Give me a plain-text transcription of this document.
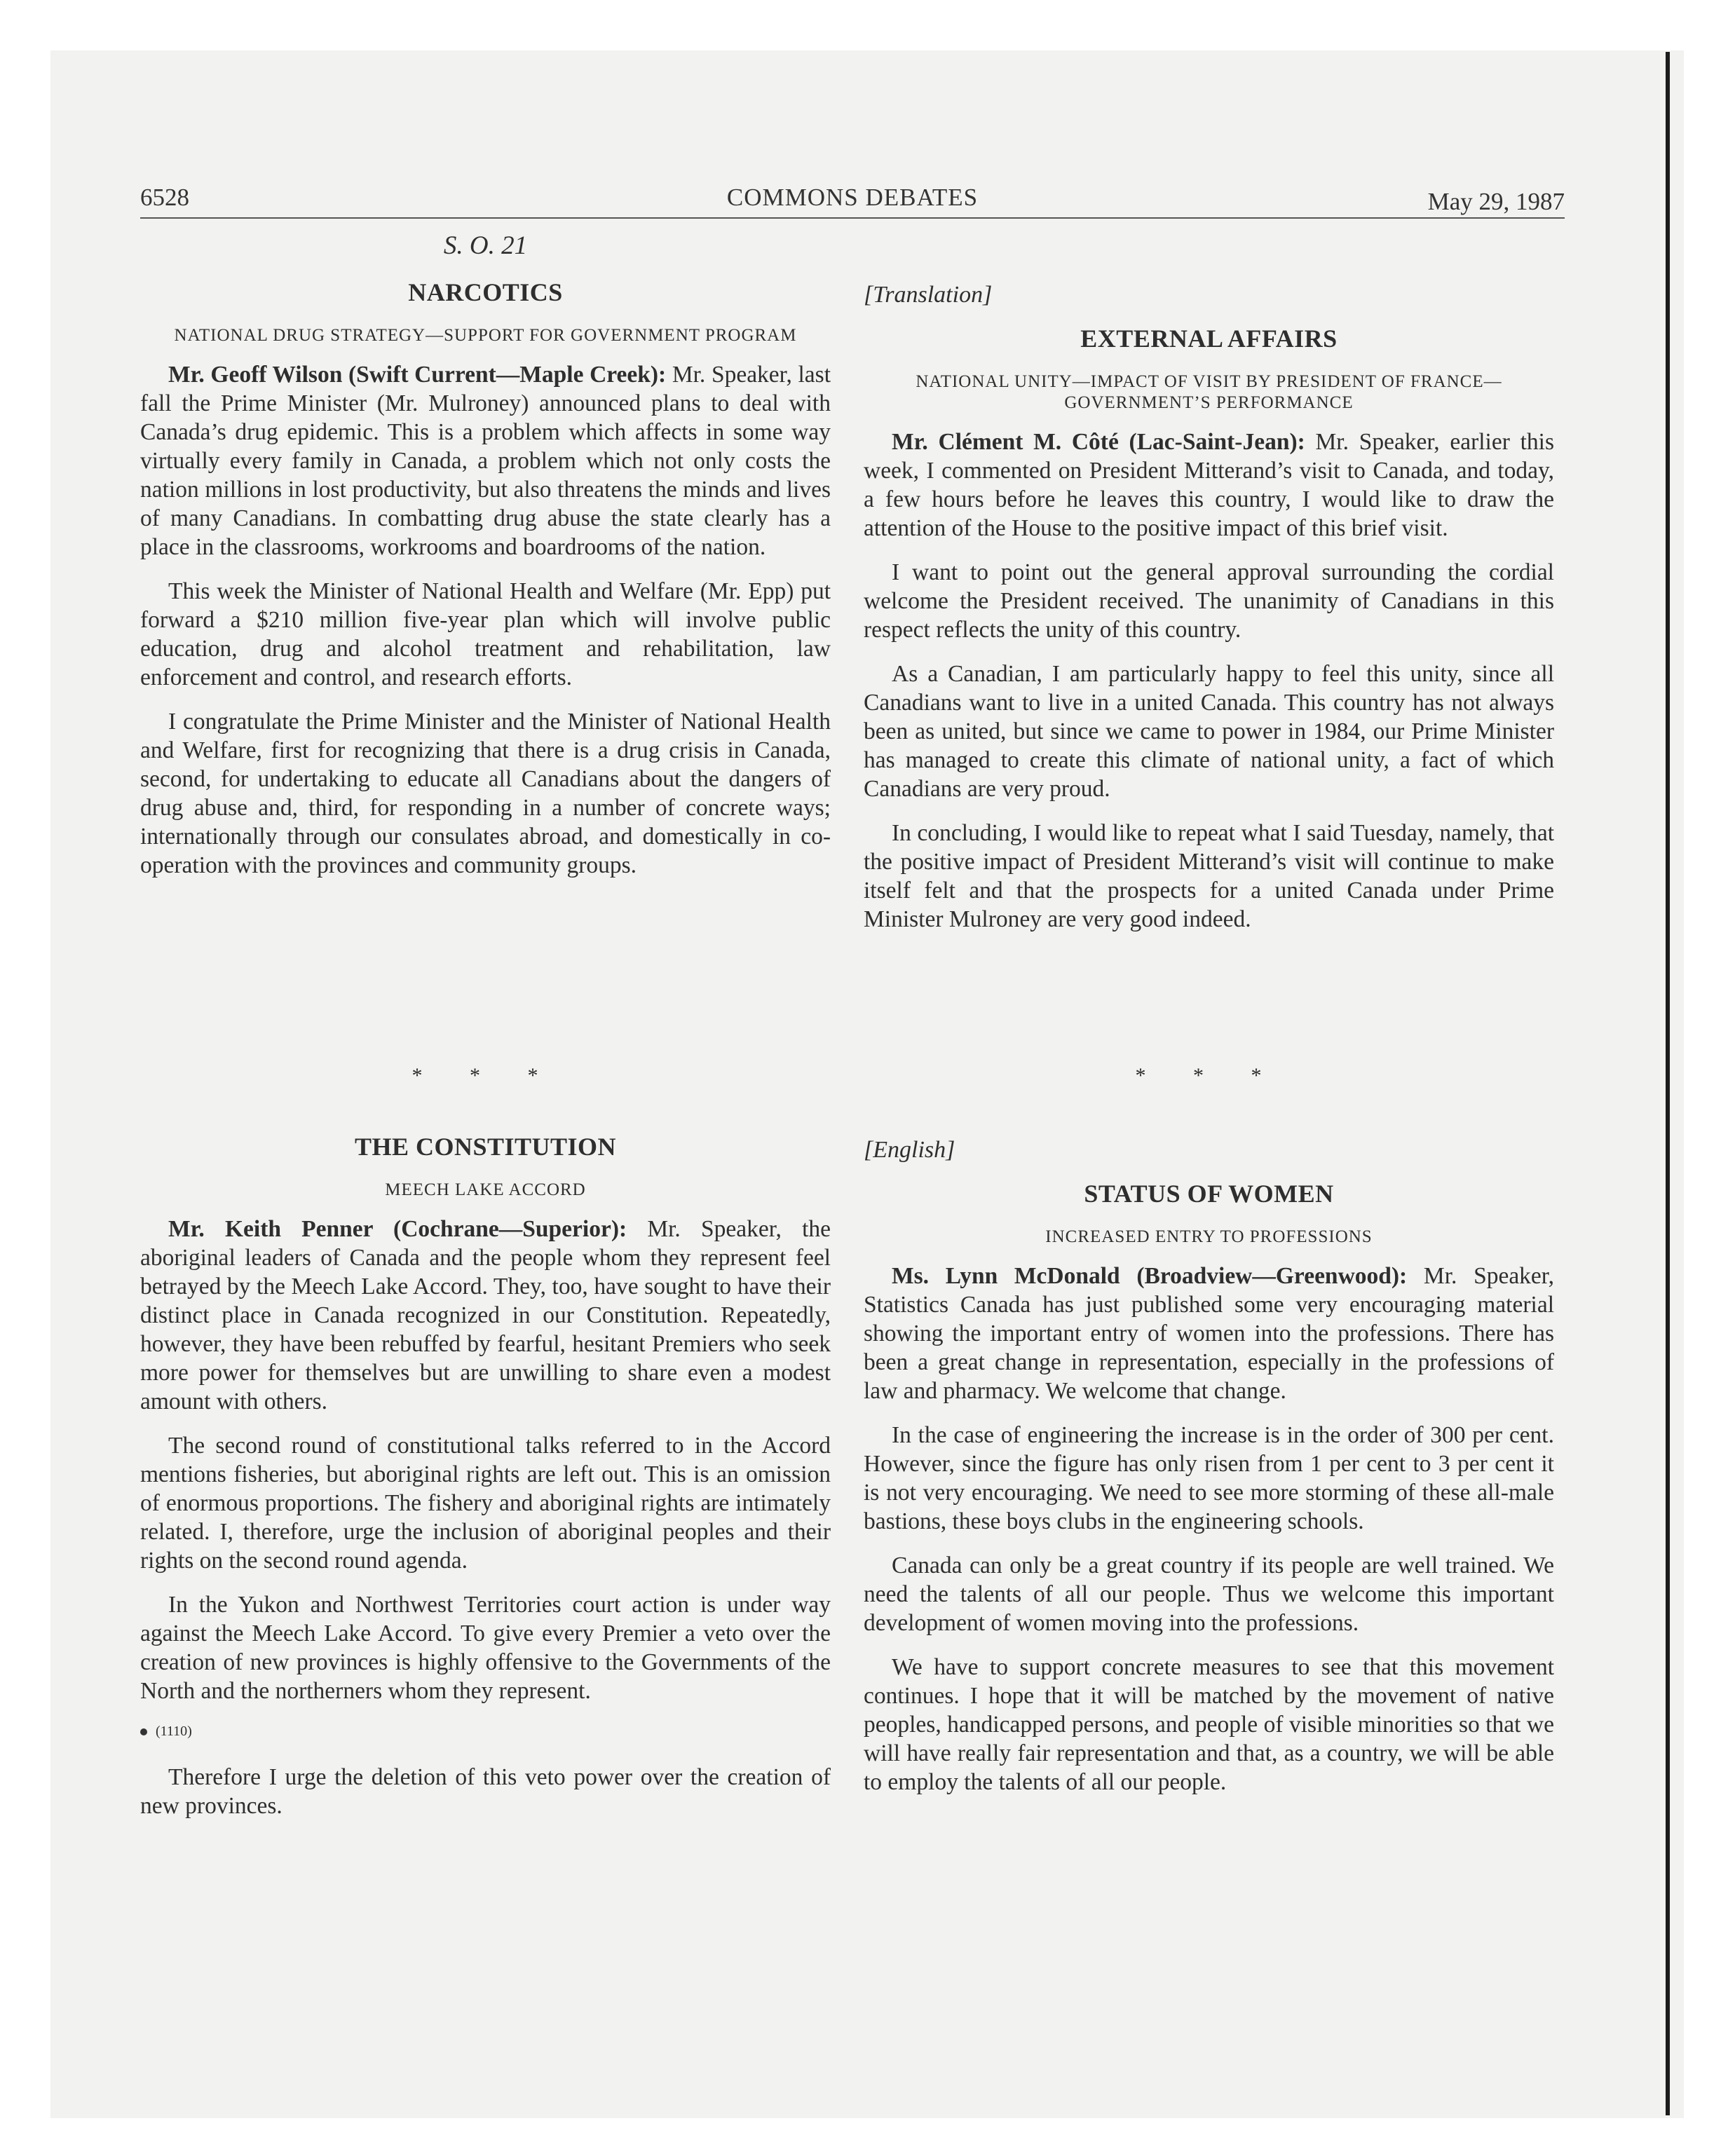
6528	COMMONS DEBATES	May 29, 1987
S. O. 21
NARCOTICS
NATIONAL DRUG STRATEGY—SUPPORT FOR GOVERNMENT PROGRAM

Mr. Geoff Wilson (Swift Current—Maple Creek): Mr. Speaker, last fall the Prime Minister (Mr. Mulroney) announced plans to deal with Canada’s drug epidemic. This is a problem which affects in some way virtually every family in Canada, a problem which not only costs the nation millions in lost productivity, but also threatens the minds and lives of many Canadians. In combatting drug abuse the state clearly has a place in the classrooms, workrooms and boardrooms of the nation.

This week the Minister of National Health and Welfare (Mr. Epp) put forward a $210 million five-year plan which will involve public education, drug and alcohol treatment and rehabilitation, law enforcement and control, and research efforts.

I congratulate the Prime Minister and the Minister of National Health and Welfare, first for recognizing that there is a drug crisis in Canada, second, for undertaking to educate all Canadians about the dangers of drug abuse and, third, for responding in a number of concrete ways; internationally through our consulates abroad, and domestically in co-operation with the provinces and community groups.

* * *
THE CONSTITUTION
MEECH LAKE ACCORD

Mr. Keith Penner (Cochrane—Superior): Mr. Speaker, the aboriginal leaders of Canada and the people whom they represent feel betrayed by the Meech Lake Accord. They, too, have sought to have their distinct place in Canada recognized in our Constitution. Repeatedly, however, they have been rebuffed by fearful, hesitant Premiers who seek more power for themselves but are unwilling to share even a modest amount with others.

The second round of constitutional talks referred to in the Accord mentions fisheries, but aboriginal rights are left out. This is an omission of enormous proportions. The fishery and aboriginal rights are intimately related. I, therefore, urge the inclusion of aboriginal peoples and their rights on the second round agenda.

In the Yukon and Northwest Territories court action is under way against the Meech Lake Accord. To give every Premier a veto over the creation of new provinces is highly offensive to the Governments of the North and the northerners whom they represent.

(1110)

Therefore I urge the deletion of this veto power over the creation of new provinces.

[Translation]
EXTERNAL AFFAIRS
NATIONAL UNITY—IMPACT OF VISIT BY PRESIDENT OF FRANCE—GOVERNMENT’S PERFORMANCE

Mr. Clément M. Côté (Lac-Saint-Jean): Mr. Speaker, earlier this week, I commented on President Mitterand’s visit to Canada, and today, a few hours before he leaves this country, I would like to draw the attention of the House to the positive impact of this brief visit.

I want to point out the general approval surrounding the cordial welcome the President received. The unanimity of Canadians in this respect reflects the unity of this country.

As a Canadian, I am particularly happy to feel this unity, since all Canadians want to live in a united Canada. This country has not always been as united, but since we came to power in 1984, our Prime Minister has managed to create this climate of national unity, a fact of which Canadians are very proud.

In concluding, I would like to repeat what I said Tuesday, namely, that the positive impact of President Mitterand’s visit will continue to make itself felt and that the prospects for a united Canada under Prime Minister Mulroney are very good indeed.

* * *
[English]
STATUS OF WOMEN
INCREASED ENTRY TO PROFESSIONS

Ms. Lynn McDonald (Broadview—Greenwood): Mr. Speaker, Statistics Canada has just published some very encouraging material showing the important entry of women into the professions. There has been a great change in representation, especially in the professions of law and pharmacy. We welcome that change.

In the case of engineering the increase is in the order of 300 per cent. However, since the figure has only risen from 1 per cent to 3 per cent it is not very encouraging. We need to see more storming of these all-male bastions, these boys clubs in the engineering schools.

Canada can only be a great country if its people are well trained. We need the talents of all our people. Thus we welcome this important development of women moving into the professions.

We have to support concrete measures to see that this movement continues. I hope that it will be matched by the movement of native peoples, handicapped persons, and people of visible minorities so that we will have really fair representation and that, as a country, we will be able to employ the talents of all our people.
